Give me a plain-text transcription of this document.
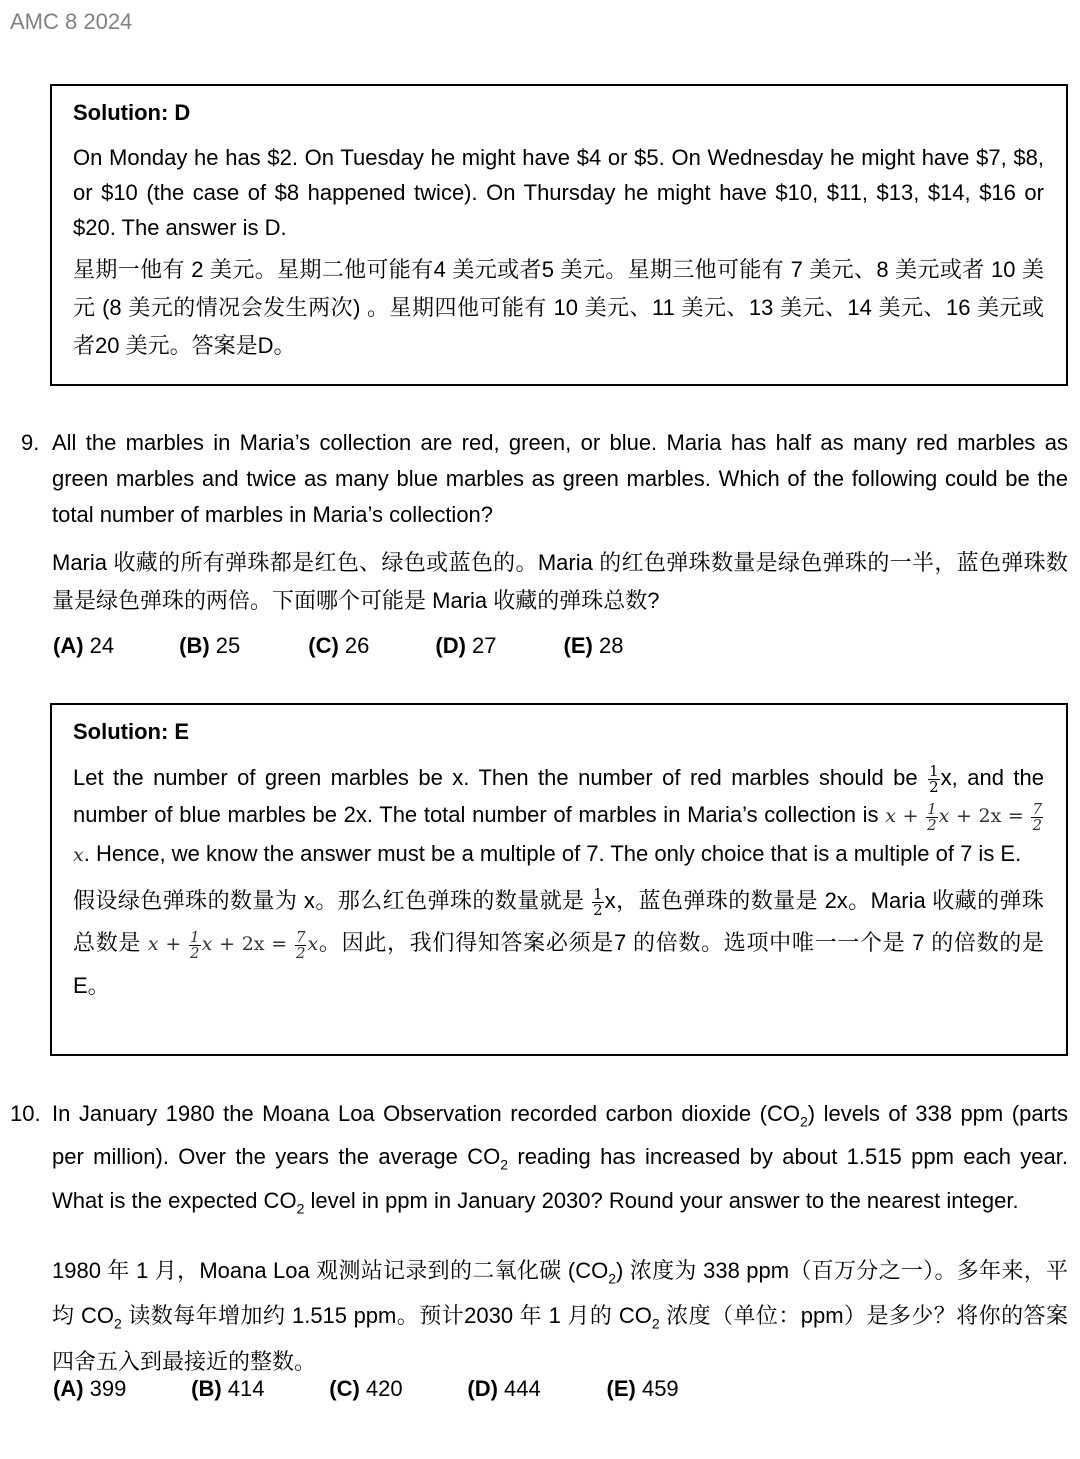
AMC 8 2024
Solution: D

On Monday he has $2. On Tuesday he might have $4 or $5. On Wednesday he might have $7, $8, or $10 (the case of $8 happened twice). On Thursday he might have $10, $11, $13, $14, $16 or $20. The answer is D.

星期一他有 2 美元。星期二他可能有4 美元或者5 美元。星期三他可能有 7 美元、8 美元或者 10 美元 (8 美元的情况会发生两次) 。星期四他可能有 10 美元、11 美元、13 美元、14 美元、16 美元或者20 美元。答案是D。

9. All the marbles in Maria’s collection are red, green, or blue. Maria has half as many red marbles as green marbles and twice as many blue marbles as green marbles. Which of the following could be the total number of marbles in Maria’s collection?
Maria 收藏的所有弹珠都是红色、绿色或蓝色的。Maria 的红色弹珠数量是绿色弹珠的一半，蓝色弹珠数量是绿色弹珠的两倍。下面哪个可能是 Maria 收藏的弹珠总数?
(A) 24	(B) 25	(C) 26	(D) 27	(E) 28
Solution: E

Let the number of green marbles be x. Then the number of red marbles should be $\frac{1}{2} x$, and the number of blue marbles be 2x. The total number of marbles in Maria’s collection is $x + \frac{1}{2}$ $x + 2x = \frac{7}{2}$
x. Hence, we know the answer must be a multiple of 7. The only choice that is a multiple of 7 is E.

假设绿色弹珠的数量为 x。那么红色弹珠的数量就是 $\frac{1}{2}$ x，蓝色弹珠的数量是 2x。Maria 收藏的弹珠总数是 $x + \frac{1}{2}$ $x + 2x = \frac{7}{2}$ x。因此，我们得知答案必须是7 的倍数。选项中唯一一个是 7 的倍数的是 E。

10. In January 1980 the Moana Loa Observation recorded carbon dioxide $(CO_2)$ levels of 338 ppm (parts per million). Over the years the average $CO_2$ reading has increased by about 1.515 ppm each year. What is the expected $CO_2$ level in ppm in January 2030? Round your answer to the nearest integer.
1980 年 1 月，Moana Loa 观测站记录到的二氧化碳 $(CO_2)$ 浓度为 338 ppm（百万分之一）。多年来，平均 $CO_2$ 读数每年增加约 1.515 ppm。预计2030 年 1 月的 $CO_2$ 浓度（单位：ppm）是多少？将你的答案四舍五入到最接近的整数。
(A) 399	(B) 414	(C) 420	(D) 444	(E) 459
